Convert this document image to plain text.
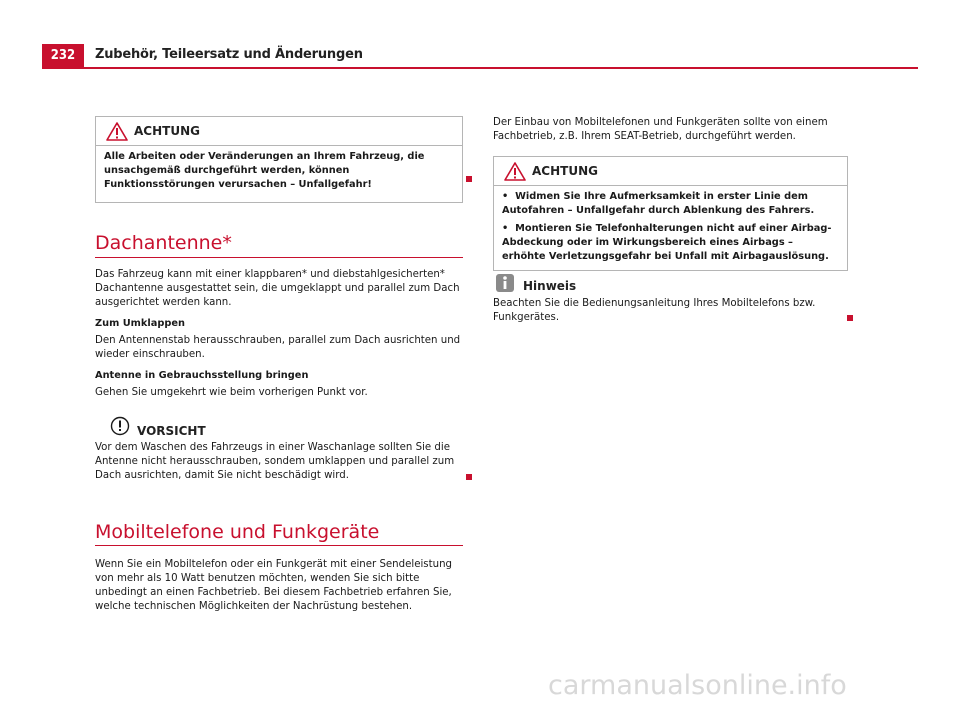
232	Zubehör, Teileersatz und Änderungen
ACHTUNG

Alle Arbeiten oder Veränderungen an Ihrem Fahrzeug, die unsachgemäß durchgeführt werden, können Funktionsstörungen verursachen – Unfallgefahr!

Dachantenne*

Das Fahrzeug kann mit einer klappbaren* und diebstahlgesicherten* Dachantenne ausgestattet sein, die umgeklappt und parallel zum Dach ausgerichtet werden kann.

Zum Umklappen

Den Antennenstab herausschrauben, parallel zum Dach ausrichten und wieder einschrauben.

Antenne in Gebrauchsstellung bringen

Gehen Sie umgekehrt wie beim vorherigen Punkt vor.

VORSICHT

Vor dem Waschen des Fahrzeugs in einer Waschanlage sollten Sie die Antenne nicht herausschrauben, sondem umklappen und parallel zum Dach ausrichten, damit Sie nicht beschädigt wird.

Mobiltelefone und Funkgeräte

Wenn Sie ein Mobiltelefon oder ein Funkgerät mit einer Sendeleistung von mehr als 10 Watt benutzen möchten, wenden Sie sich bitte unbedingt an einen Fachbetrieb. Bei diesem Fachbetrieb erfahren Sie, welche technischen Möglichkeiten der Nachrüstung bestehen.

Der Einbau von Mobiltelefonen und Funkgeräten sollte von einem Fachbetrieb, z.B. Ihrem SEAT-Betrieb, durchgeführt werden.

ACHTUNG

•  Widmen Sie Ihre Aufmerksamkeit in erster Linie dem Autofahren – Unfallgefahr durch Ablenkung des Fahrers.

•  Montieren Sie Telefonhalterungen nicht auf einer Airbag-Abdeckung oder im Wirkungsbereich eines Airbags – erhöhte Verletzungsgefahr bei Unfall mit Airbagauslösung.

Hinweis

Beachten Sie die Bedienungsanleitung Ihres Mobiltelefons bzw. Funkgerätes.

carmanualsonline.info
